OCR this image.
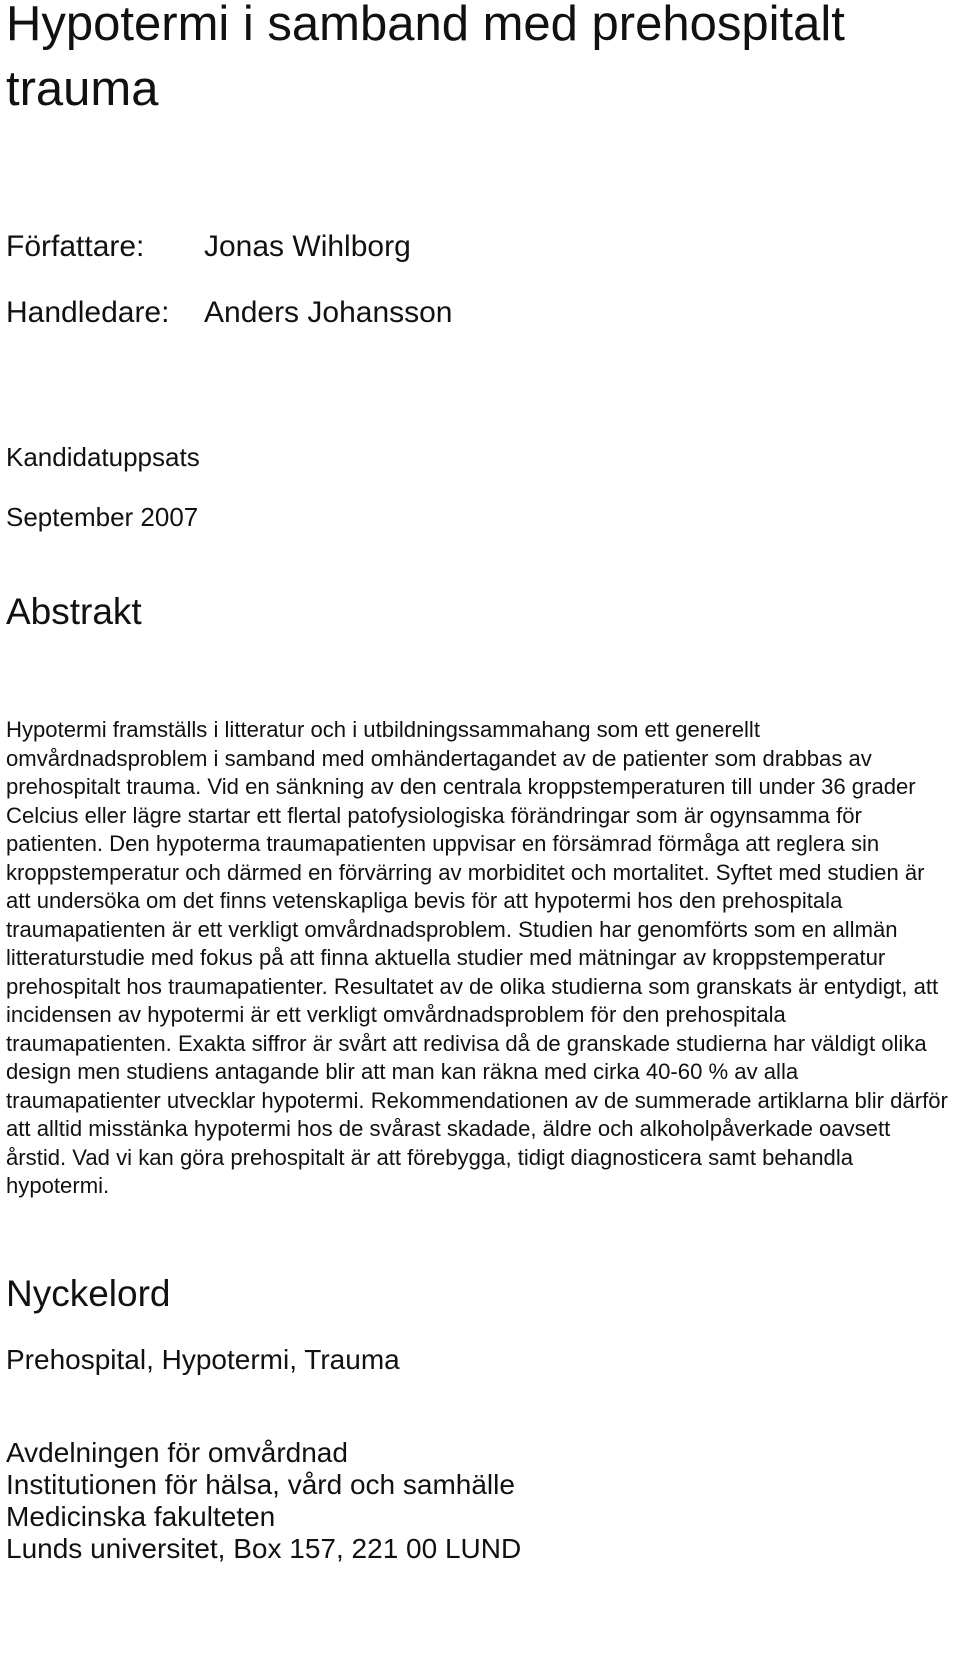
Hypotermi i samband med prehospitalt trauma
Författare: Jonas Wihlborg
Handledare: Anders Johansson
Kandidatuppsats
September 2007
Abstrakt

Hypotermi framställs i litteratur och i utbildningssammahang som ett generellt omvårdnadsproblem i samband med omhändertagandet av de patienter som drabbas av prehospitalt trauma. Vid en sänkning av den centrala kroppstemperaturen till under 36 grader Celcius eller lägre startar ett flertal patofysiologiska förändringar som är ogynsamma för patienten. Den hypoterma traumapatienten uppvisar en försämrad förmåga att reglera sin kroppstemperatur och därmed en förvärring av morbiditet och mortalitet. Syftet med studien är att undersöka om det finns vetenskapliga bevis för att hypotermi hos den prehospitala traumapatienten är ett verkligt omvårdnadsproblem. Studien har genomförts som en allmän litteraturstudie med fokus på att finna aktuella studier med mätningar av kroppstemperatur prehospitalt hos traumapatienter. Resultatet av de olika studierna som granskats är entydigt, att incidensen av hypotermi är ett verkligt omvårdnadsproblem för den prehospitala traumapatienten. Exakta siffror är svårt att redivisa då de granskade studierna har väldigt olika design men studiens antagande blir att man kan räkna med cirka 40-60 % av alla traumapatienter utvecklar hypotermi. Rekommendationen av de summerade artiklarna blir därför att alltid misstänka hypotermi hos de svårast skadade, äldre och alkoholpåverkade oavsett årstid. Vad vi kan göra prehospitalt är att förebygga, tidigt diagnosticera samt behandla hypotermi.

Nyckelord
Prehospital, Hypotermi, Trauma
Avdelningen för omvårdnad
Institutionen för hälsa, vård och samhälle
Medicinska fakulteten
Lunds universitet, Box 157, 221 00 LUND
